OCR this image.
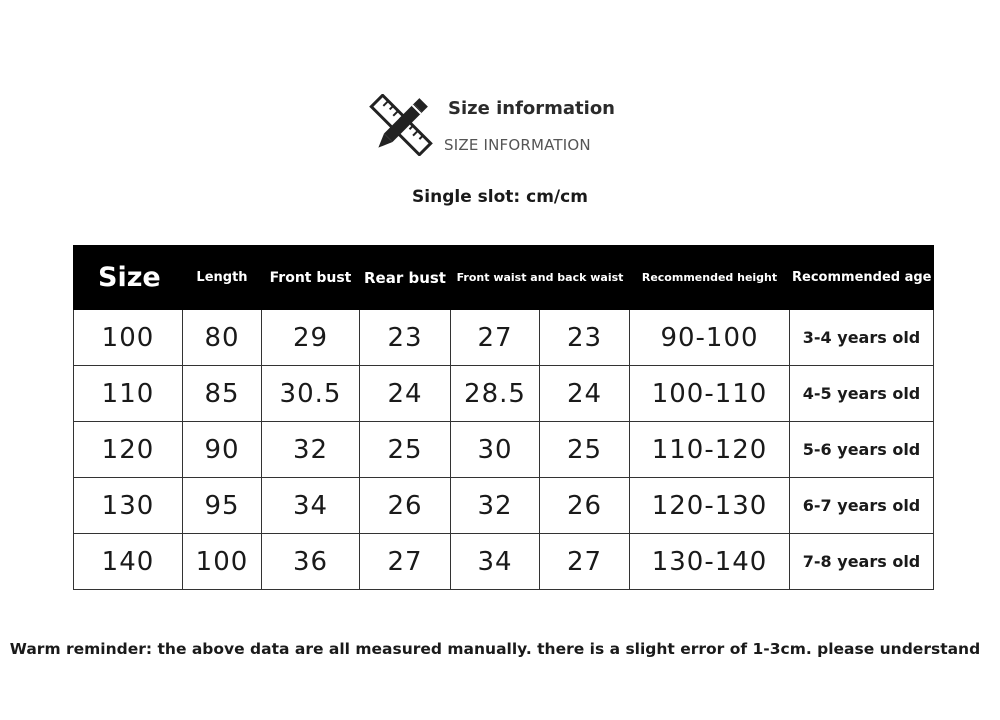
Size information
SIZE INFORMATION
Single slot: cm/cm
Size	Length	Front bust	Rear bust	Front waist and back waist		Recommended height	Recommended age
100	80	29	23	27	23	90-100	3-4 years old
110	85	30.5	24	28.5	24	100-110	4-5 years old
120	90	32	25	30	25	110-120	5-6 years old
130	95	34	26	32	26	120-130	6-7 years old
140	100	36	27	34	27	130-140	7-8 years old
Warm reminder: the above data are all measured manually. there is a slight error of 1-3cm. please understand
